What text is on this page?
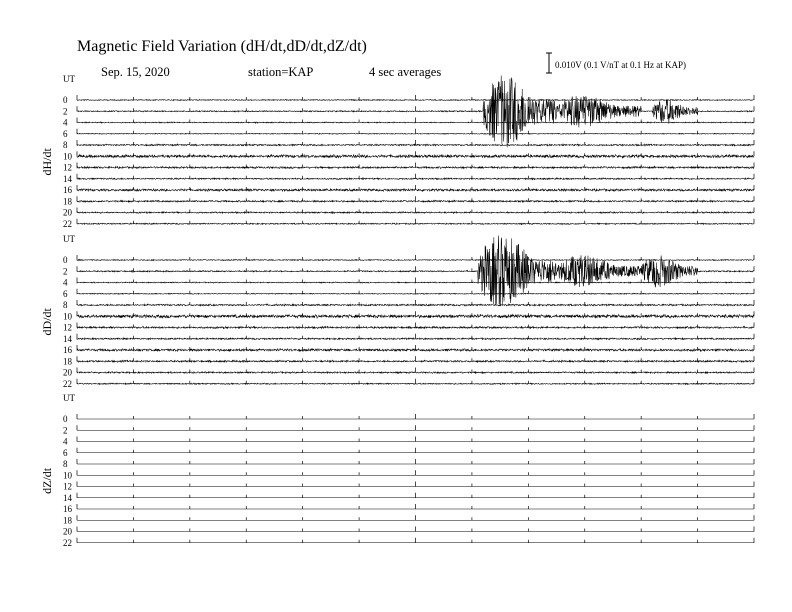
Magnetic Field Variation (dH/dt,dD/dt,dZ/dt)
Sep. 15, 2020	station=KAP	4 sec averages	0.010V (0.1 V/nT at 0.1 Hz at KAP)
UT
dH/dt
0
2
4
6
8
10
12
14
16
18
20
22
UT
dD/dt
0
2
4
6
8
10
12
14
16
18
20
22
UT
dZ/dt
0
2
4
6
8
10
12
14
16
18
20
22
